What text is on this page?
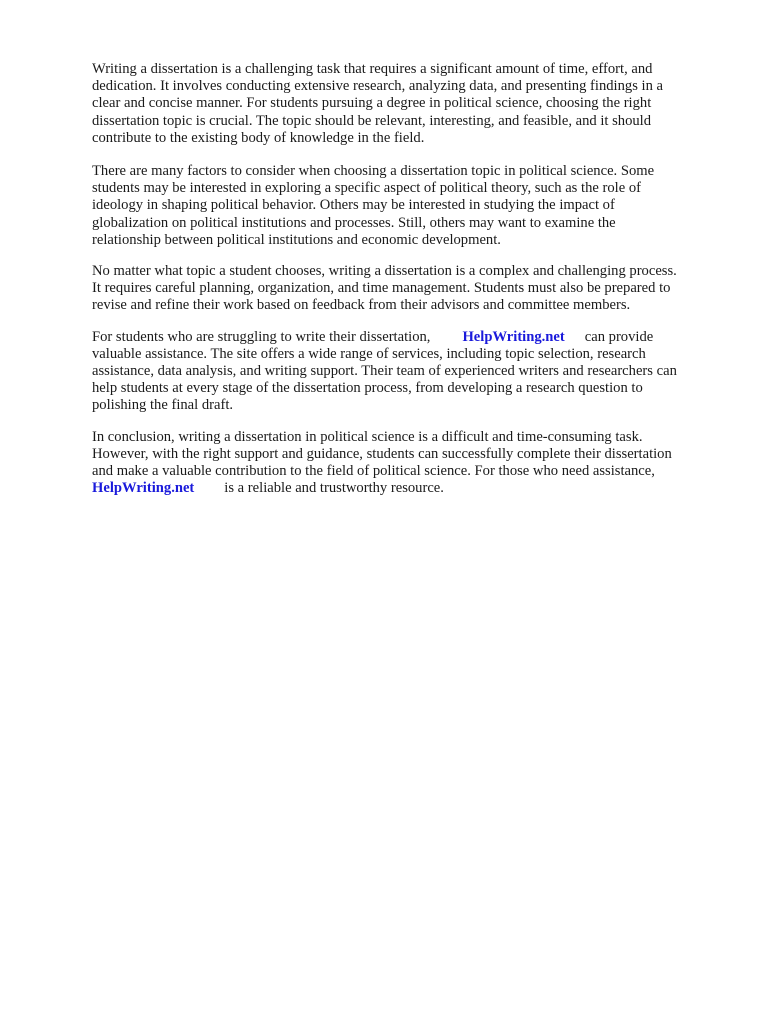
Writing a dissertation is a challenging task that requires a significant amount of time, effort, and
dedication. It involves conducting extensive research, analyzing data, and presenting findings in a
clear and concise manner. For students pursuing a degree in political science, choosing the right
dissertation topic is crucial. The topic should be relevant, interesting, and feasible, and it should
contribute to the existing body of knowledge in the field.

There are many factors to consider when choosing a dissertation topic in political science. Some
students may be interested in exploring a specific aspect of political theory, such as the role of
ideology in shaping political behavior. Others may be interested in studying the impact of
globalization on political institutions and processes. Still, others may want to examine the
relationship between political institutions and economic development.

No matter what topic a student chooses, writing a dissertation is a complex and challenging process.
It requires careful planning, organization, and time management. Students must also be prepared to
revise and refine their work based on feedback from their advisors and committee members.

For students who are struggling to write their dissertation, HelpWriting.net can provide
valuable assistance. The site offers a wide range of services, including topic selection, research
assistance, data analysis, and writing support. Their team of experienced writers and researchers can
help students at every stage of the dissertation process, from developing a research question to
polishing the final draft.

In conclusion, writing a dissertation in political science is a difficult and time-consuming task.
However, with the right support and guidance, students can successfully complete their dissertation
and make a valuable contribution to the field of political science. For those who need assistance,
HelpWriting.net is a reliable and trustworthy resource.
